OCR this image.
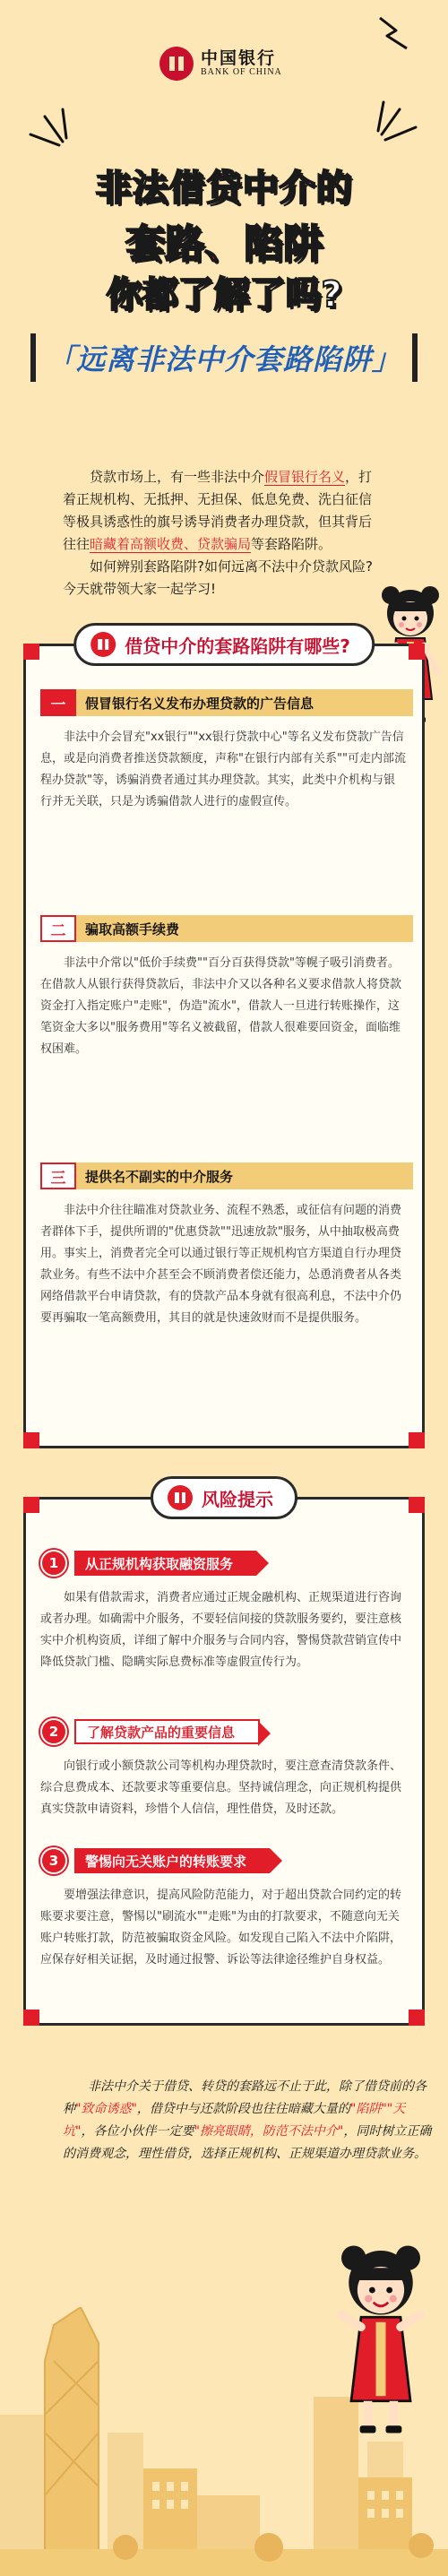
中国银行
BANK OF CHINA
非法借贷中介的
套路、陷阱
你都了解了吗?
「远离非法中介套路陷阱」

贷款市场上，有一些非法中介假冒银行名义，打着正规机构、无抵押、无担保、低息免费、洗白征信等极具诱惑性的旗号诱导消费者办理贷款，但其背后往往暗藏着高额收费、贷款骗局等套路陷阱。

如何辨别套路陷阱?如何远离不法中介贷款风险?今天就带领大家一起学习!

借贷中介的套路陷阱有哪些?
一	假冒银行名义发布办理贷款的广告信息
非法中介会冒充"xx银行""xx银行贷款中心"等名义发布贷款广告信息，或是向消费者推送贷款额度，声称"在银行内部有关系""可走内部流程办贷款"等，诱骗消费者通过其办理贷款。其实，此类中介机构与银行并无关联，只是为诱骗借款人进行的虚假宣传。
二	骗取高额手续费
非法中介常以"低价手续费""百分百获得贷款"等幌子吸引消费者。在借款人从银行获得贷款后，非法中介又以各种名义要求借款人将贷款资金打入指定账户"走账"，伪造"流水"，借款人一旦进行转账操作，这笔资金大多以"服务费用"等名义被截留，借款人很难要回资金，面临维权困难。
三	提供名不副实的中介服务
非法中介往往瞄准对贷款业务、流程不熟悉，或征信有问题的消费者群体下手，提供所谓的"优惠贷款""迅速放款"服务，从中抽取极高费用。事实上，消费者完全可以通过银行等正规机构官方渠道自行办理贷款业务。有些不法中介甚至会不顾消费者偿还能力，怂恿消费者从各类网络借款平台申请贷款，有的贷款产品本身就有很高利息，不法中介仍要再骗取一笔高额费用，其目的就是快速敛财而不是提供服务。
风险提示
1	从正规机构获取融资服务
如果有借款需求，消费者应通过正规金融机构、正规渠道进行咨询或者办理。如确需中介服务，不要轻信间接的贷款服务要约，要注意核实中介机构资质，详细了解中介服务与合同内容，警惕贷款营销宣传中降低贷款门槛、隐瞒实际息费标准等虚假宣传行为。
2	了解贷款产品的重要信息
向银行或小额贷款公司等机构办理贷款时，要注意查清贷款条件、综合息费成本、还款要求等重要信息。坚持诚信理念，向正规机构提供真实贷款申请资料，珍惜个人信信，理性借贷，及时还款。
3	警惕向无关账户的转账要求
要增强法律意识，提高风险防范能力，对于超出贷款合同约定的转账要求要注意，警惕以"刷流水""走账"为由的打款要求，不随意向无关账户转账打款，防范被骗取资金风险。如发现自己陷入不法中介陷阱，应保存好相关证据，及时通过报警、诉讼等法律途径维护自身权益。

非法中介关于借贷、转贷的套路远不止于此，除了借贷前的各种"致命诱惑"，借贷中与还款阶段也往往暗藏大量的"陷阱""天坑"，各位小伙伴一定要"擦亮眼睛，防范不法中介"，同时树立正确的消费观念，理性借贷，选择正规机构、正规渠道办理贷款业务。
